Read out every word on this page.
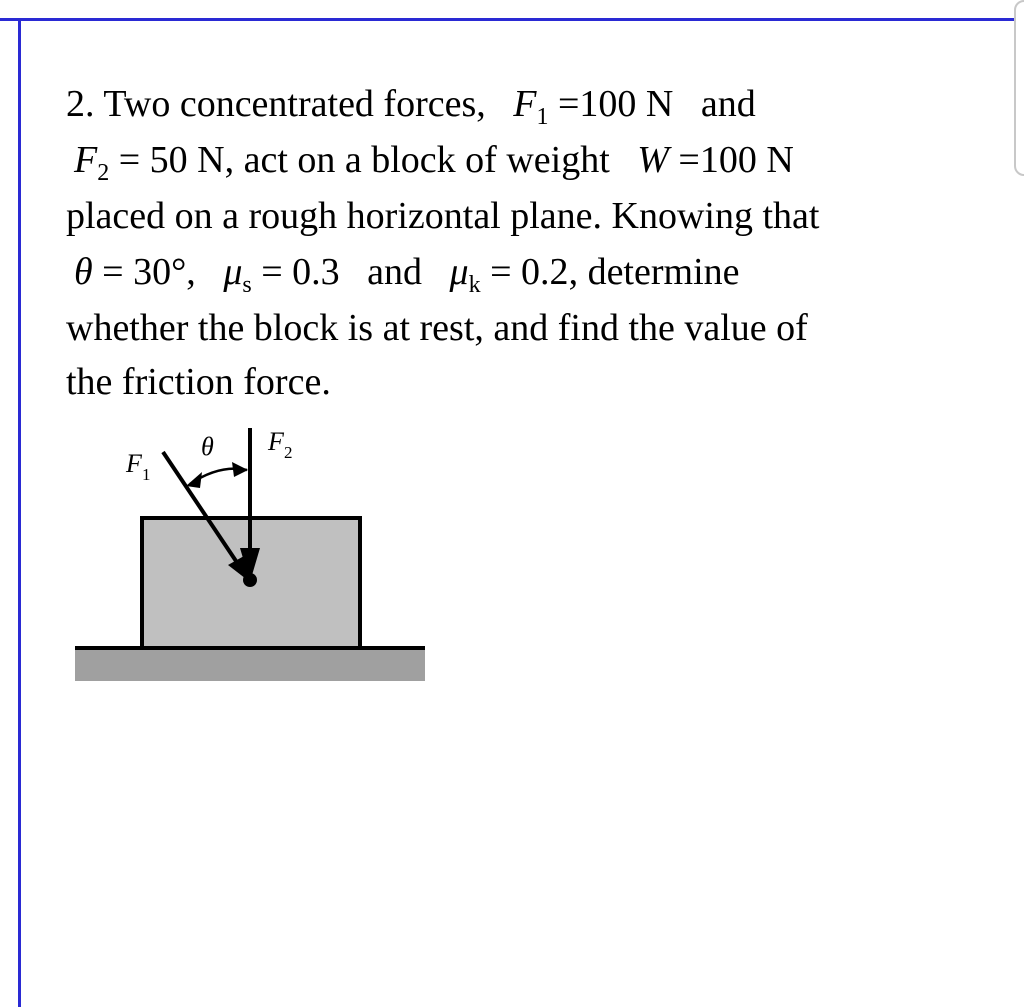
2. Two concentrated forces, $F_1 =100$ N and
$F_2 = 50$ N, act on a block of weight W =100 N
placed on a rough horizontal plane. Knowing that
θ = 30°, $\mu_s = 0.3$ and $\mu_k = 0.2$, determine
whether the block is at rest, and find the value of
the friction force.
F 1
F 2
θ
